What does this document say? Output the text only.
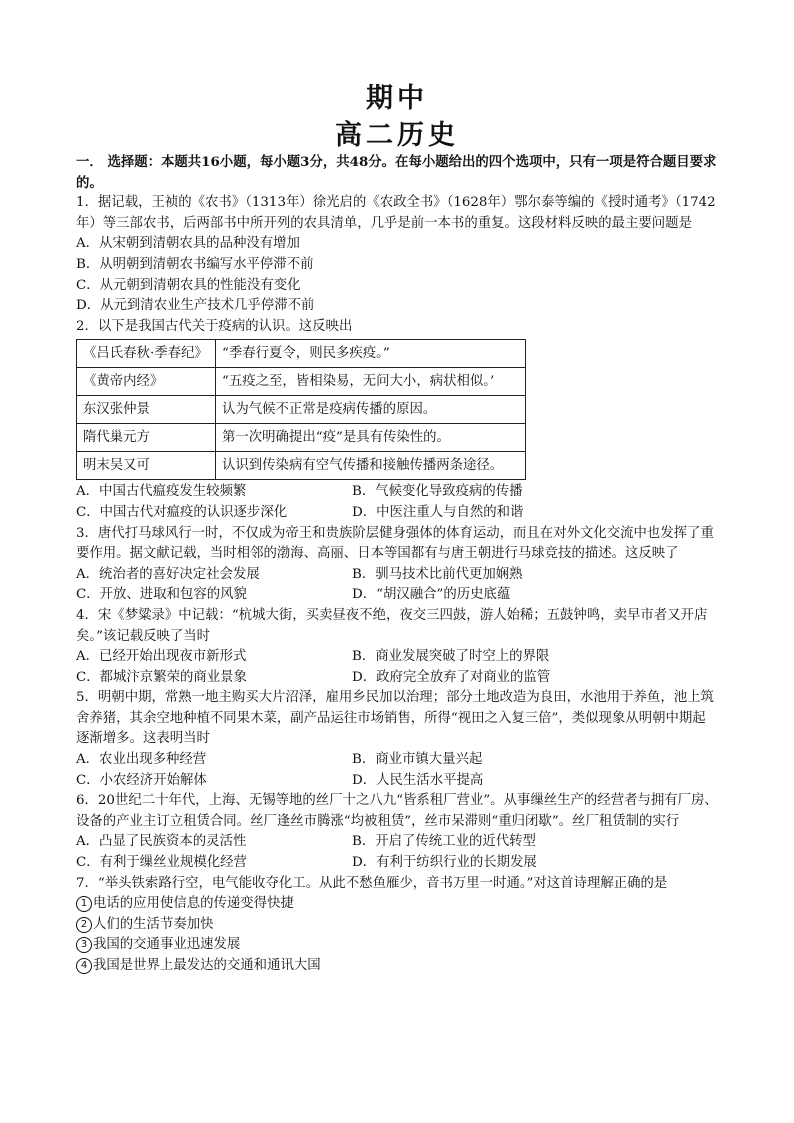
期中
高二历史

一． 选择题：本题共16小题，每小题3分，共48分。在每小题给出的四个选项中，只有一项是符合题目要求的。

1．据记载，王祯的《农书》（1313年）徐光启的《农政全书》（1628年）鄂尔泰等编的《授时通考》（1742年）等三部农书，后两部书中所开列的农具清单，几乎是前一本书的重复。这段材料反映的最主要问题是

A．从宋朝到清朝农具的品种没有增加

B．从明朝到清朝农书编写水平停滞不前

C．从元朝到清朝农具的性能没有变化

D．从元到清农业生产技术几乎停滞不前

2．以下是我国古代关于疫病的认识。这反映出

《吕氏春秋·季春纪》	“季春行夏令，则民多疾疫。”
《黄帝内经》	“五疫之至，皆相染易，无问大小，病状相似。’
东汉张仲景	认为气候不正常是疫病传播的原因。
隋代巢元方	第一次明确提出“疫”是具有传染性的。
明末吴又可	认识到传染病有空气传播和接触传播两条途径。
A．中国古代瘟疫发生较频繁	B．气候变化导致疫病的传播
C．中国古代对瘟疫的认识逐步深化	D．中医注重人与自然的和谐

3．唐代打马球风行一时，不仅成为帝王和贵族阶层健身强体的体育运动，而且在对外文化交流中也发挥了重要作用。据文献记载，当时相邻的渤海、高丽、日本等国都有与唐王朝进行马球竞技的描述。这反映了

A．统治者的喜好决定社会发展	B．驯马技术比前代更加娴熟
C．开放、进取和包容的风貌	D．“胡汉融合”的历史底蕴

4．宋《梦粱录》中记载：“杭城大街，买卖昼夜不绝，夜交三四鼓，游人始稀；五鼓钟鸣，卖早市者又开店矣。”该记载反映了当时

A．已经开始出现夜市新形式	B．商业发展突破了时空上的界限
C．都城汴京繁荣的商业景象	D．政府完全放弃了对商业的监管

5．明朝中期，常熟一地主购买大片沼泽，雇用乡民加以治理；部分土地改造为良田，水池用于养鱼，池上筑舍养猪，其余空地种植不同果木菜，副产品运往市场销售，所得“视田之入复三倍”，类似现象从明朝中期起逐渐增多。这表明当时

A．农业出现多种经营	B．商业市镇大量兴起
C．小农经济开始解体	D．人民生活水平提高

6．20世纪二十年代，上海、无锡等地的丝厂十之八九“皆系租厂营业”。从事缫丝生产的经营者与拥有厂房、设备的产业主订立租赁合同。丝厂逢丝市腾涨“均被租赁”，丝市呆滞则“重归闭歇”。丝厂租赁制的实行

A．凸显了民族资本的灵活性	B．开启了传统工业的近代转型
C．有利于缫丝业规模化经营	D．有利于纺织行业的长期发展

7．“举头铁索路行空，电气能收夺化工。从此不愁鱼雁少，音书万里一时通。”对这首诗理解正确的是

1 电话的应用使信息的传递变得快捷

2 人们的生活节奏加快

3 我国的交通事业迅速发展

4 我国是世界上最发达的交通和通讯大国
